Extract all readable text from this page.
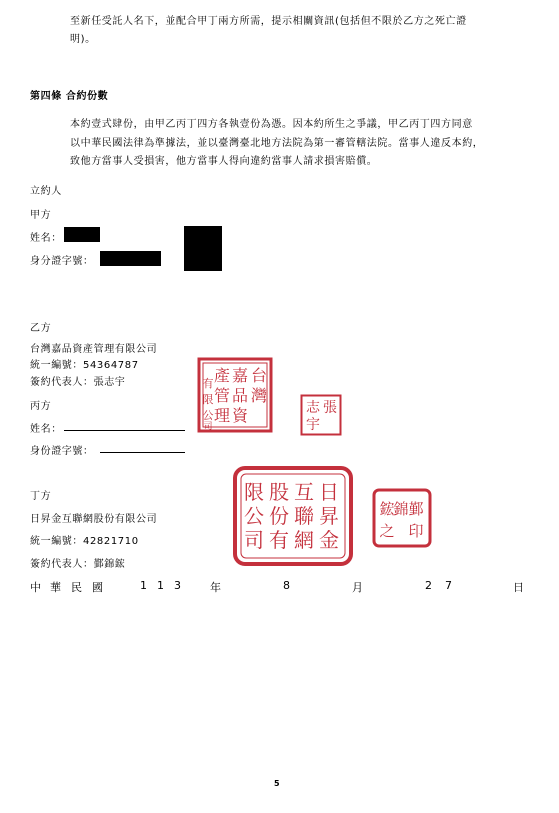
至新任受託人名下，並配合甲丁兩方所需，提示相關資訊(包括但不限於乙方之死亡證
明)。
第四條 合約份數
本約壹式肆份，由甲乙丙丁四方各執壹份為憑。因本約所生之爭議，甲乙丙丁四方同意
以中華民國法律為準據法，並以臺灣臺北地方法院為第一審管轄法院。當事人違反本約，
致他方當事人受損害，他方當事人得向違約當事人請求損害賠償。
立約人
甲方
姓名：
身分證字號：
乙方
台灣嘉品資產管理有限公司
統一編號：54364787
簽約代表人：張志宇	台
灣
嘉
品
資
產
管
理
有
限
公
司
張
志
宇
丙方
姓名：
身份證字號：
丁方
日昇金互聯網股份有限公司
統一編號：42821710
簽約代表人：鄞錦鋐
日
昇
金
互
聯
網
股
份
有
限
公
司
鄞
印
錦
鋐
之
中 華 民 國	1 1 3	年	8	月	2 7	日
5
